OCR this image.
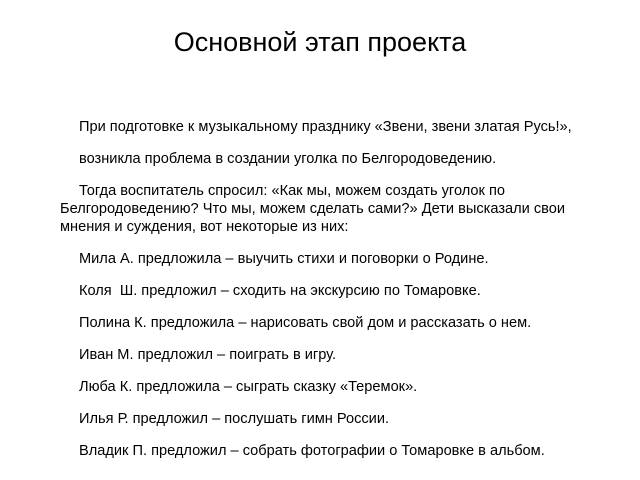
Основной этап проекта
При подготовке к музыкальному празднику «Звени, звени златая Русь!»,
возникла проблема в создании уголка по Белгородоведению.
Тогда воспитатель спросил: «Как мы, можем создать уголок по Белгородоведению? Что мы, можем сделать сами?» Дети высказали свои мнения и суждения, вот некоторые из них:
Мила А. предложила – выучить стихи и поговорки о Родине.
Коля  Ш. предложил – сходить на экскурсию по Томаровке.
Полина К. предложила – нарисовать свой дом и рассказать о нем.
Иван М. предложил – поиграть в игру.
Люба К. предложила – сыграть сказку «Теремок».
Илья Р. предложил – послушать гимн России.
Владик П. предложил – собрать фотографии о Томаровке в альбом.
